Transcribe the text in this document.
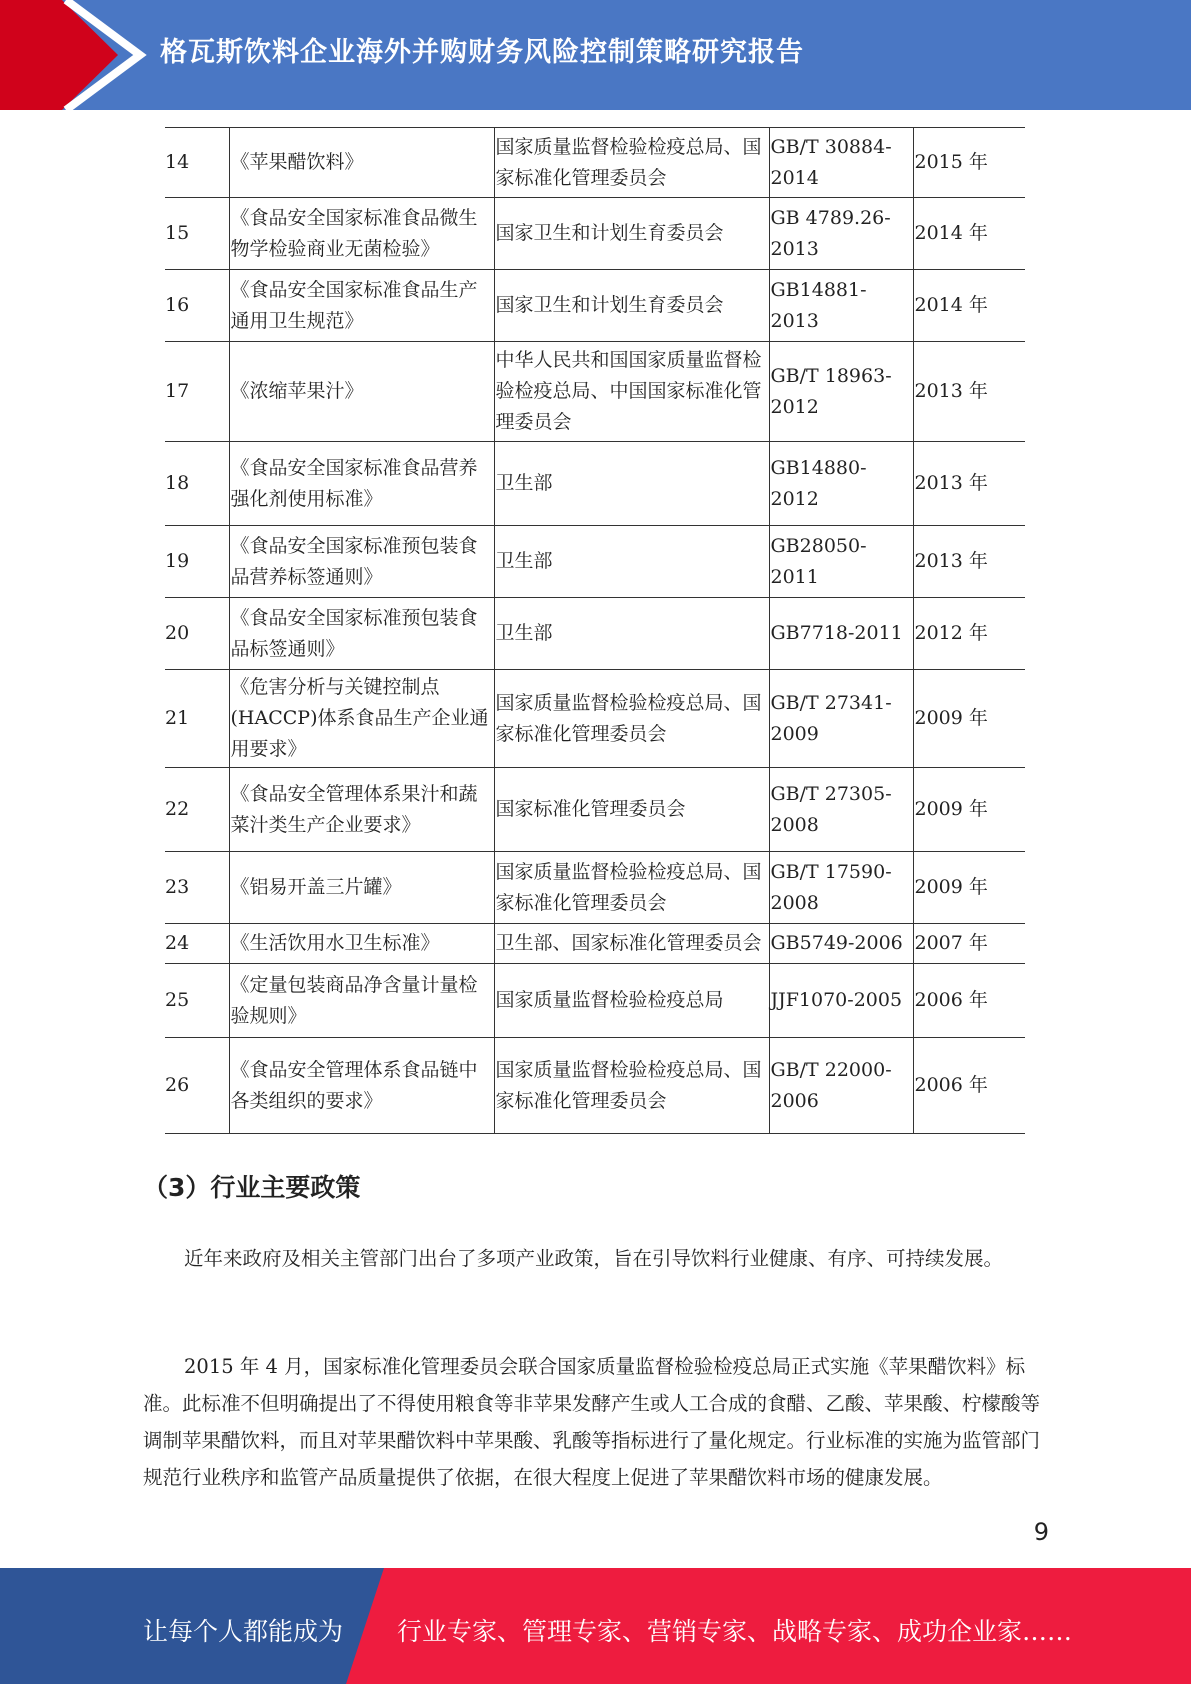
格瓦斯饮料企业海外并购财务风险控制策略研究报告
14	《苹果醋饮料》	国家质量监督检验检疫总局、国家标准化管理委员会	GB/T 30884-2014	2015 年
15	《食品安全国家标准食品微生物学检验商业无菌检验》	国家卫生和计划生育委员会	GB 4789.26-2013	2014 年
16	《食品安全国家标准食品生产通用卫生规范》	国家卫生和计划生育委员会	GB14881-2013	2014 年
17	《浓缩苹果汁》	中华人民共和国国家质量监督检验检疫总局、中国国家标准化管理委员会	GB/T 18963-2012	2013 年
18	《食品安全国家标准食品营养强化剂使用标准》	卫生部	GB14880-2012	2013 年
19	《食品安全国家标准预包装食品营养标签通则》	卫生部	GB28050-2011	2013 年
20	《食品安全国家标准预包装食品标签通则》	卫生部	GB7718-2011	2012 年
21	《危害分析与关键控制点(HACCP)体系食品生产企业通用要求》	国家质量监督检验检疫总局、国家标准化管理委员会	GB/T 27341-2009	2009 年
22	《食品安全管理体系果汁和蔬菜汁类生产企业要求》	国家标准化管理委员会	GB/T 27305-2008	2009 年
23	《铝易开盖三片罐》	国家质量监督检验检疫总局、国家标准化管理委员会	GB/T 17590-2008	2009 年
24	《生活饮用水卫生标准》	卫生部、国家标准化管理委员会	GB5749-2006	2007 年
25	《定量包装商品净含量计量检验规则》	国家质量监督检验检疫总局	JJF1070-2005	2006 年
26	《食品安全管理体系食品链中各类组织的要求》	国家质量监督检验检疫总局、国家标准化管理委员会	GB/T 22000-2006	2006 年
（3）行业主要政策

近年来政府及相关主管部门出台了多项产业政策，旨在引导饮料行业健康、有序、可持续发展。

2015 年 4 月，国家标准化管理委员会联合国家质量监督检验检疫总局正式实施《苹果醋饮料》标准。此标准不但明确提出了不得使用粮食等非苹果发酵产生或人工合成的食醋、乙酸、苹果酸、柠檬酸等调制苹果醋饮料，而且对苹果醋饮料中苹果酸、乳酸等指标进行了量化规定。行业标准的实施为监管部门规范行业秩序和监管产品质量提供了依据，在很大程度上促进了苹果醋饮料市场的健康发展。

9
让每个人都能成为 行业专家、管理专家、营销专家、战略专家、成功企业家……
